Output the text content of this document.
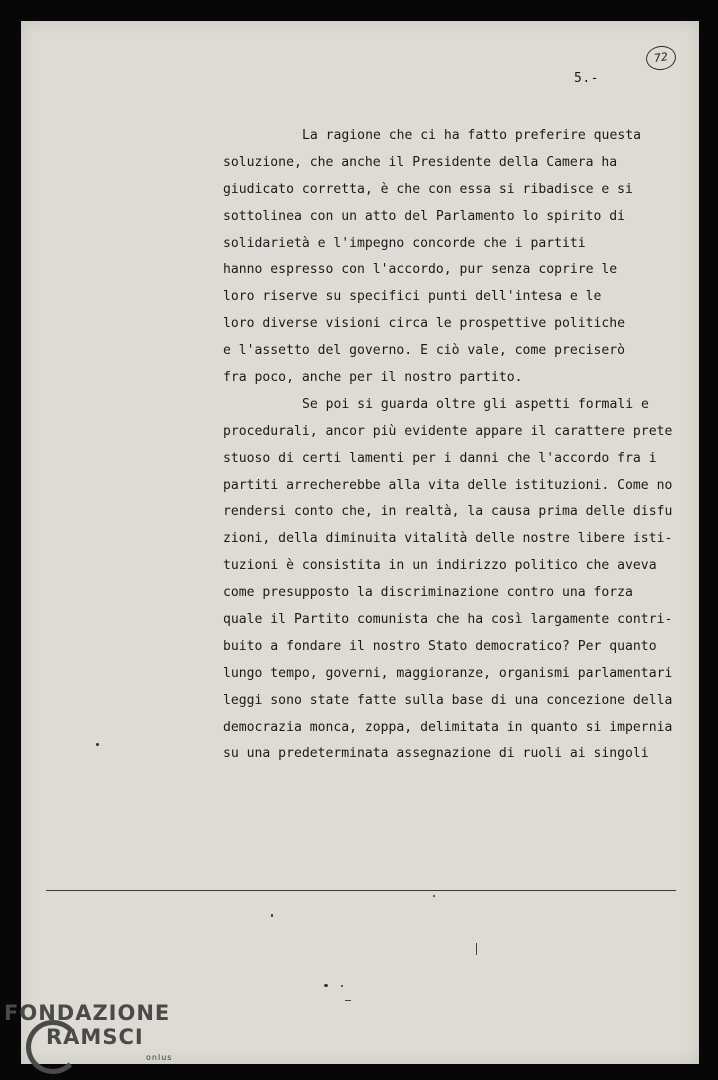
72
5.-
La ragione che ci ha fatto preferire questa
soluzione, che anche il Presidente della Camera ha
giudicato corretta, è che con essa si ribadisce e si
sottolinea con un atto del Parlamento lo spirito di
solidarietà e l'impegno concorde che i partiti
hanno espresso con l'accordo, pur senza coprire le
loro riserve su specifici punti dell'intesa e le
loro diverse visioni circa le prospettive politiche
e l'assetto del governo. E ciò vale, come preciserò
fra poco, anche per il nostro partito.
Se poi si guarda oltre gli aspetti formali e
procedurali, ancor più evidente appare il carattere prete
stuoso di certi lamenti per i danni che l'accordo fra i
partiti arrecherebbe alla vita delle istituzioni. Come no
rendersi conto che, in realtà, la causa prima delle disfu
zioni, della diminuita vitalità delle nostre libere isti-
tuzioni è consistita in un indirizzo politico che aveva
come presupposto la discriminazione contro una forza
quale il Partito comunista che ha così largamente contri-
buito a fondare il nostro Stato democratico? Per quanto
lungo tempo, governi, maggioranze, organismi parlamentari
leggi sono state fatte sulla base di una concezione della
democrazia monca, zoppa, delimitata in quanto si impernia
su una predeterminata assegnazione di ruoli ai singoli
FONDAZIONE
RAMSCI
onlus
